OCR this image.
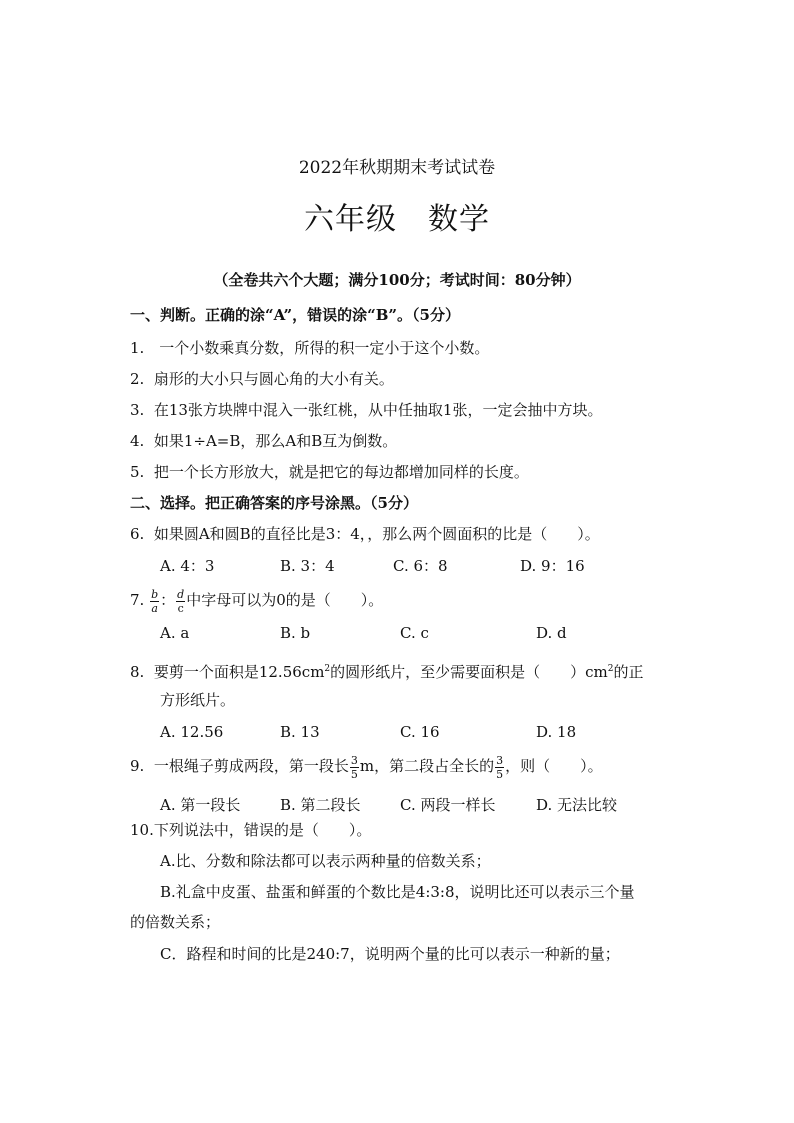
2022年秋期期末考试试卷
六年级　数学
（全卷共六个大题；满分100分；考试时间：80分钟）
一、判断。正确的涂“A”，错误的涂“B”。（5分）
1.　一个小数乘真分数，所得的积一定小于这个小数。
2.  扇形的大小只与圆心角的大小有关。
3.  在13张方块牌中混入一张红桃，从中任抽取1张，一定会抽中方块。
4.  如果1÷A=B，那么A和B互为倒数。
5.  把一个长方形放大，就是把它的每边都增加同样的长度。
二、选择。把正确答案的序号涂黑。（5分）
6.  如果圆A和圆B的直径比是3：4，，那么两个圆面积的比是（　　）。
A. 4：3	B. 3：4	C. 6：8	D. 9：16
7. $\frac{b}{a}$ ： $\frac{d}{c}$ 中字母可以为0的是（　　）。
A. a	B. b	C. c	D. d
8.  要剪一个面积是$12.56cm^2$的圆形纸片，至少需要面积是（　　）$cm^2$的正
方形纸片。
A. 12.56	B. 13	C. 16	D. 18
9.  一根绳子剪成两段，第一段长 $\frac{3}{5}$ m，第二段占全长的 $\frac{3}{5}$ ，则（　　）。
A. 第一段长	B. 第二段长	C. 两段一样长	D. 无法比较
10.下列说法中，错误的是（　　）。
A.比、分数和除法都可以表示两种量的倍数关系；
B.礼盒中皮蛋、盐蛋和鲜蛋的个数比是4:3:8，说明比还可以表示三个量
的倍数关系；
C．路程和时间的比是240:7，说明两个量的比可以表示一种新的量；
